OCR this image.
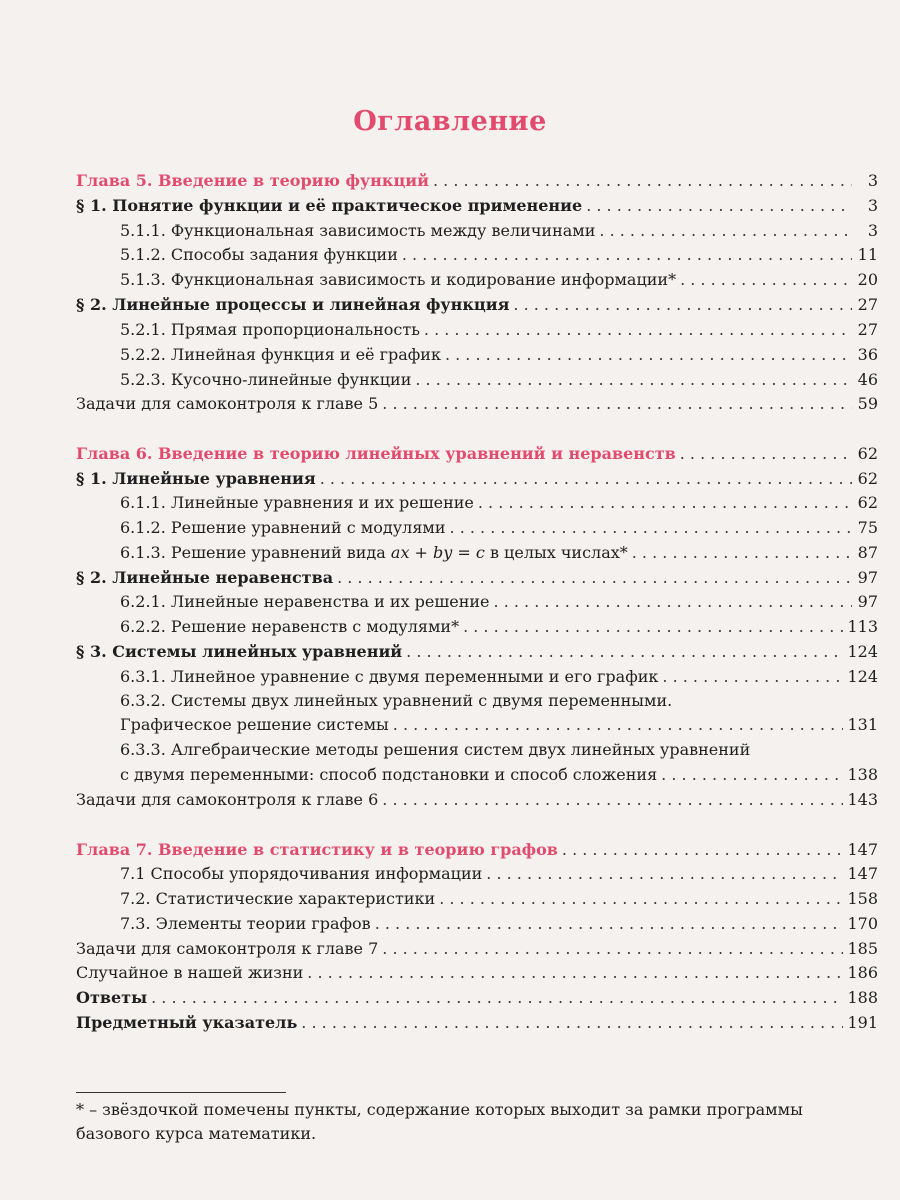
Оглавление
Глава 5. Введение в теорию функций . . .	3
§ 1. Понятие функции и её практическое применение . . .	3
5.1.1. Функциональная зависимость между величинами . . .	3
5.1.2. Способы задания функции . . .	11
5.1.3. Функциональная зависимость и кодирование информации* . . .	20
§ 2. Линейные процессы и линейная функция . . .	27
5.2.1. Прямая пропорциональность . . .	27
5.2.2. Линейная функция и её график . . .	36
5.2.3. Кусочно-линейные функции . . .	46
Задачи для самоконтроля к главе 5 . . .	59
Глава 6. Введение в теорию линейных уравнений и неравенств . . .	62
§ 1. Линейные уравнения . . .	62
6.1.1. Линейные уравнения и их решение . . .	62
6.1.2. Решение уравнений с модулями . . .	75
6.1.3. Решение уравнений вида ax + by = c в целых числах* . . .	87
§ 2. Линейные неравенства . . .	97
6.2.1. Линейные неравенства и их решение . . .	97
6.2.2. Решение неравенств с модулями* . . .	113
§ 3. Системы линейных уравнений . . .	124
6.3.1. Линейное уравнение с двумя переменными и его график . . .	124
6.3.2. Системы двух линейных уравнений с двумя переменными.
Графическое решение системы . . .	131
6.3.3. Алгебраические методы решения систем двух линейных уравнений
с двумя переменными: способ подстановки и способ сложения . . .	138
Задачи для самоконтроля к главе 6 . . .	143
Глава 7. Введение в статистику и в теорию графов . . .	147
7.1 Способы упорядочивания информации . . .	147
7.2. Статистические характеристики . . .	158
7.3. Элементы теории графов . . .	170
Задачи для самоконтроля к главе 7 . . .	185
Случайное в нашей жизни . . .	186
Ответы . . .	188
Предметный указатель . . .	191
* – звёздочкой помечены пункты, содержание которых выходит за рамки программы
базового курса математики.
